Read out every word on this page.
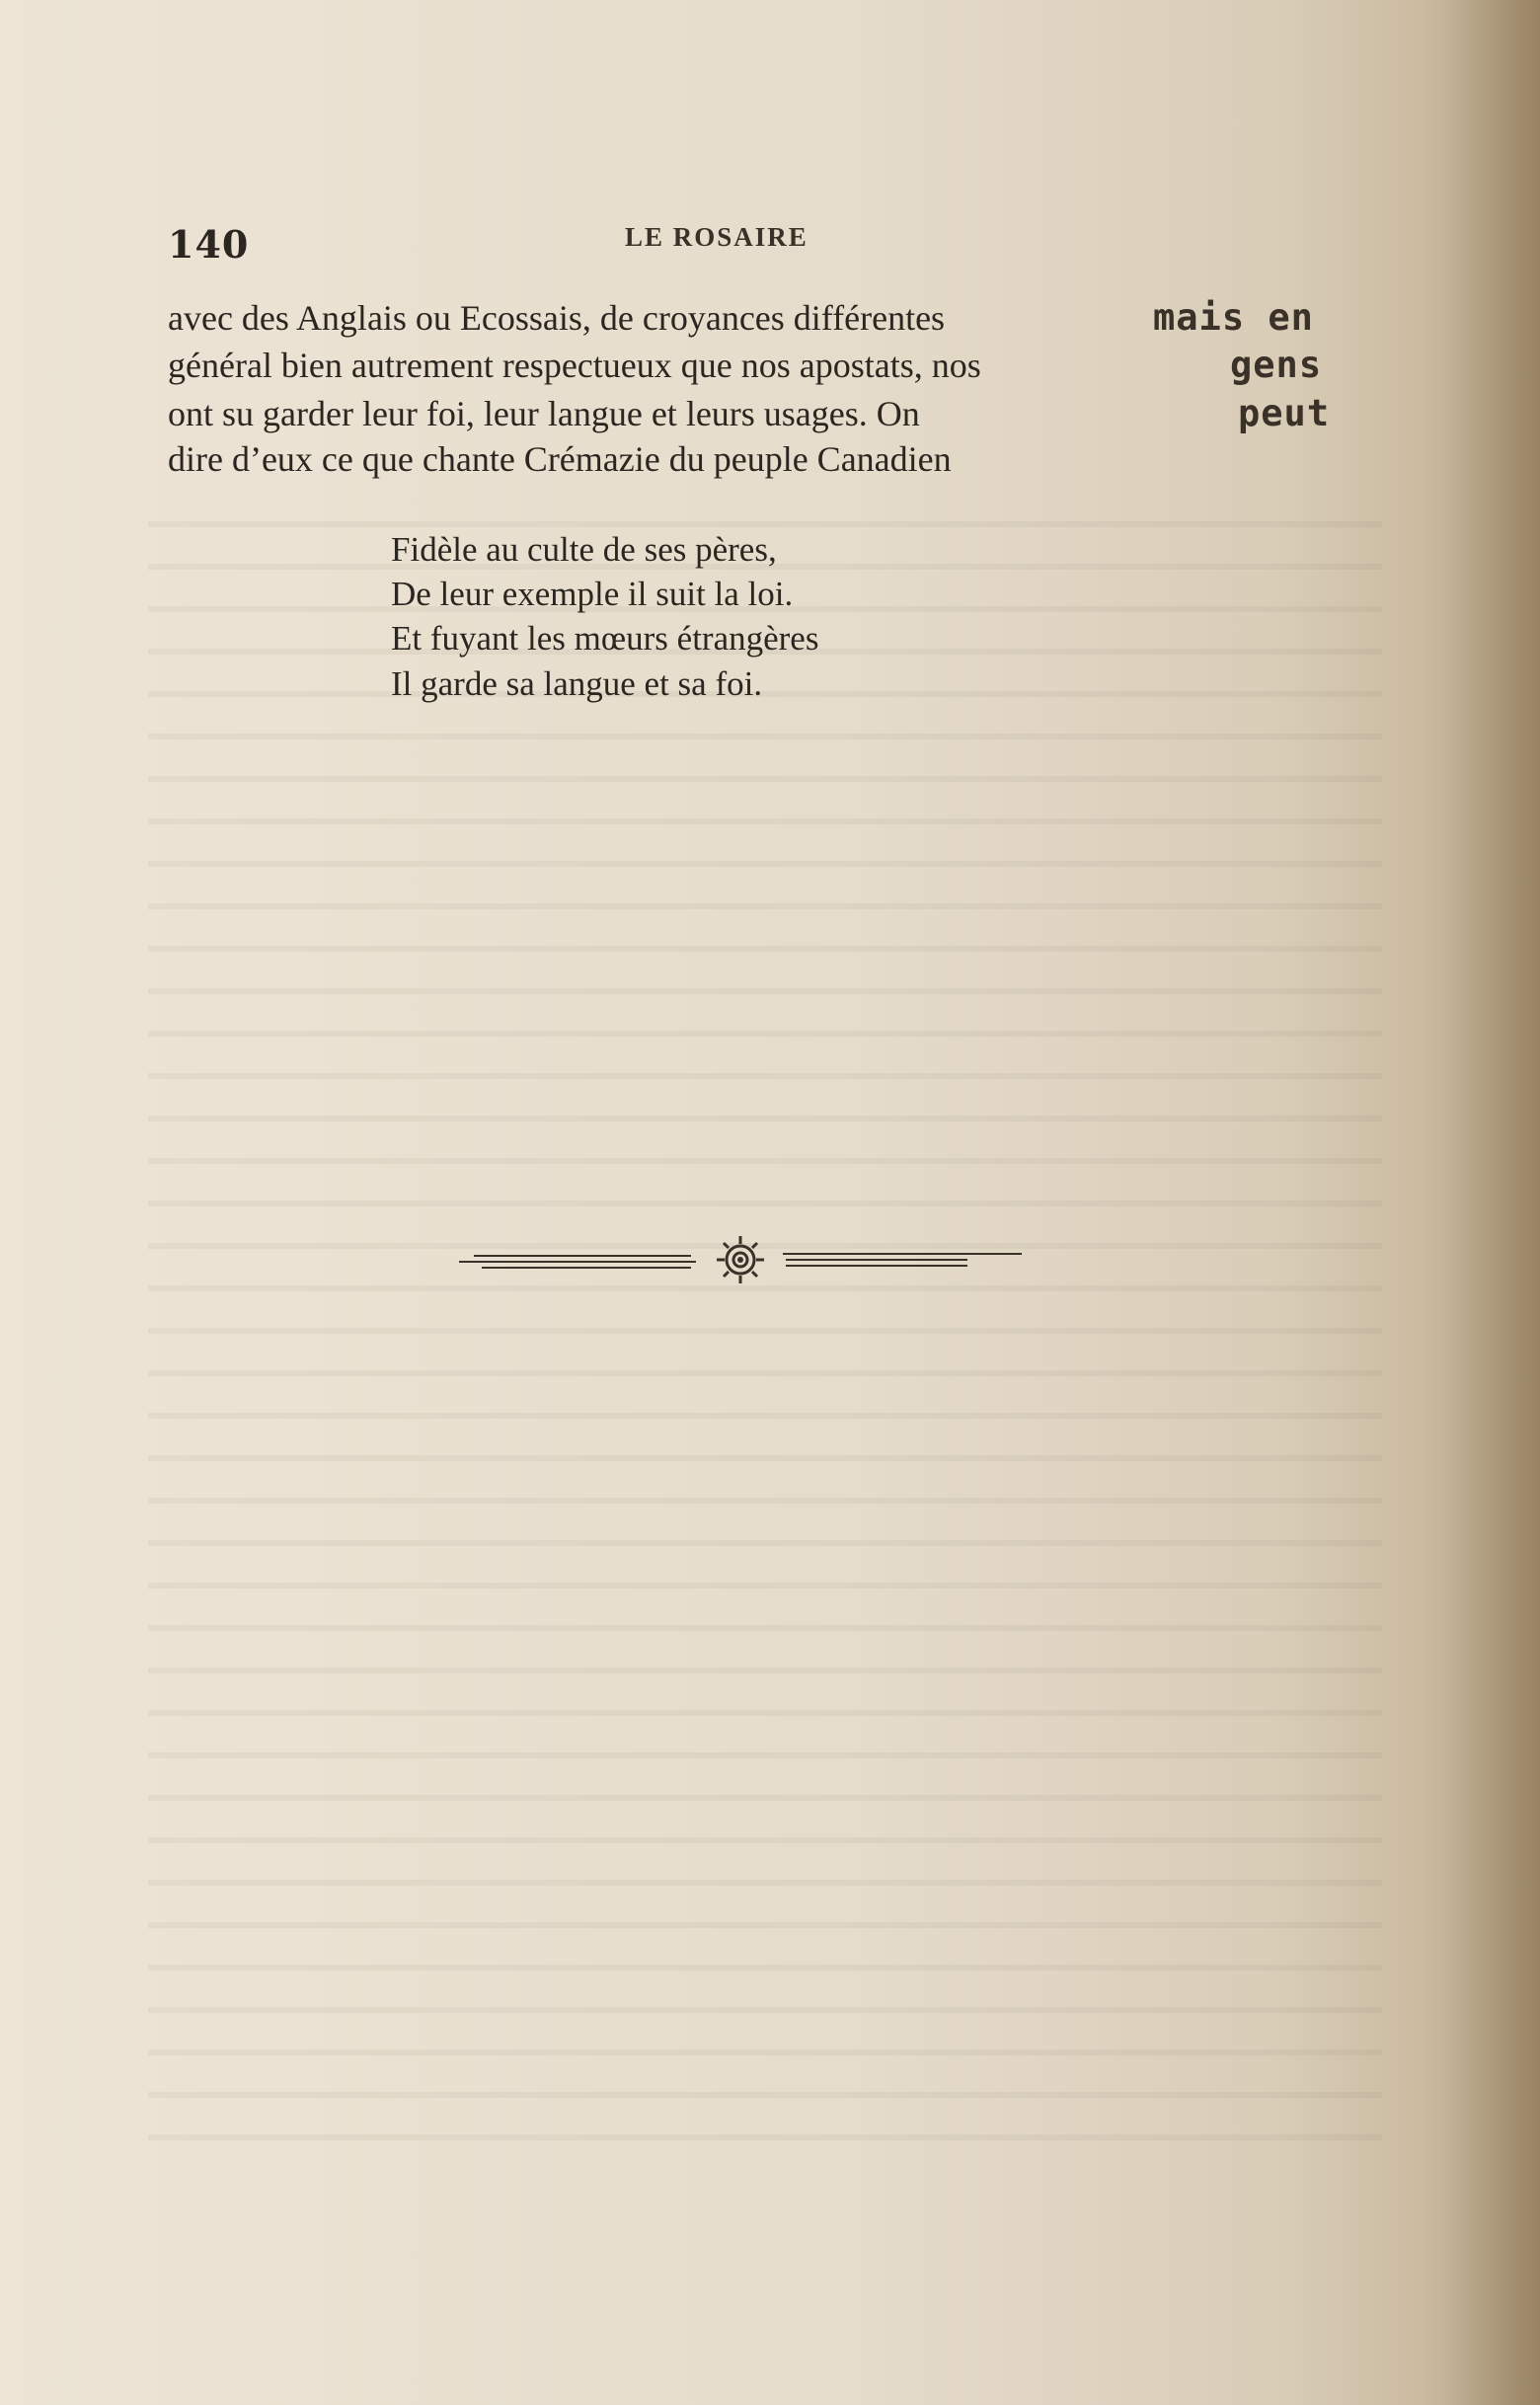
140	LE ROSAIRE
avec des Anglais ou Ecossais, de croyances différentes
général bien autrement respectueux que nos apostats, nos
ont su garder leur foi, leur langue et leurs usages. On
dire d’eux ce que chante Crémazie du peuple Canadien
mais en
gens
peut
Fidèle au culte de ses pères,
De leur exemple il suit la loi.
Et fuyant les mœurs étrangères
Il garde sa langue et sa foi.
